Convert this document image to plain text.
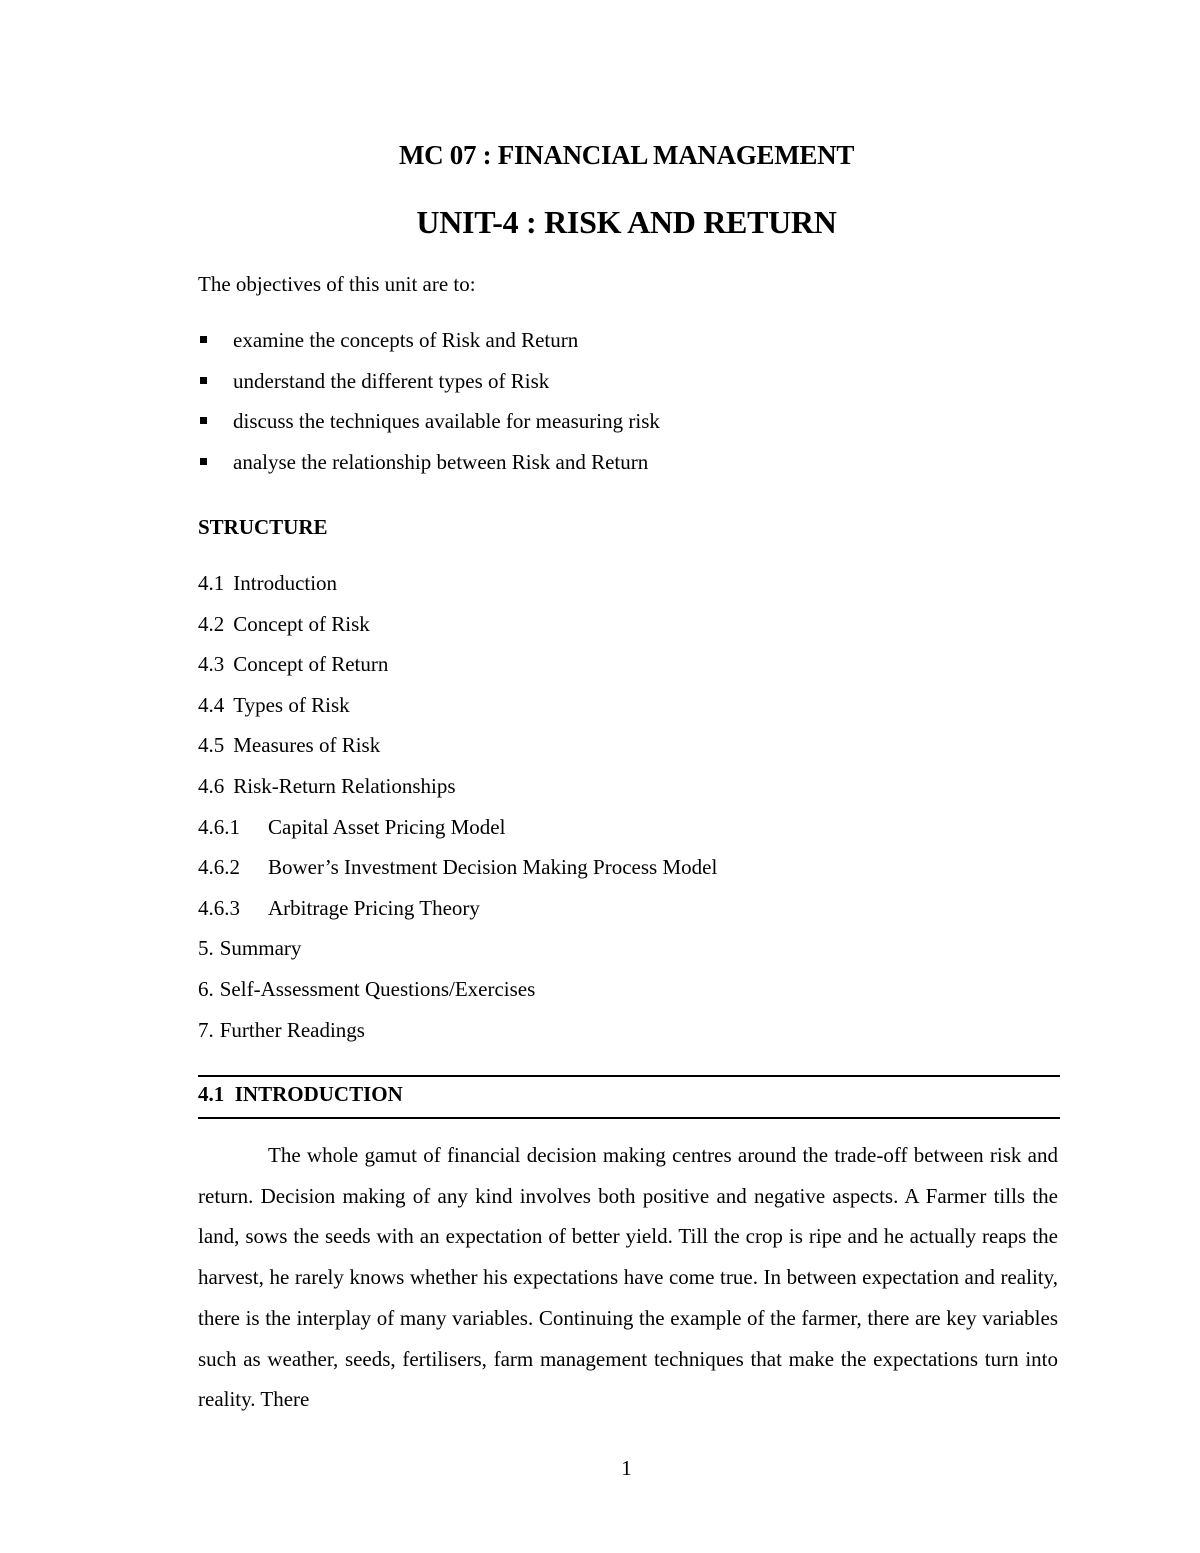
MC 07 : FINANCIAL MANAGEMENT
UNIT-4 : RISK AND RETURN
The objectives of this unit are to:
examine the concepts of Risk and Return
understand the different types of Risk
discuss the techniques available for measuring risk
analyse the relationship between Risk and Return
STRUCTURE
4.1 Introduction
4.2 Concept of Risk
4.3 Concept of Return
4.4 Types of Risk
4.5 Measures of Risk
4.6 Risk-Return Relationships
4.6.1 Capital Asset Pricing Model
4.6.2 Bower’s Investment Decision Making Process Model
4.6.3 Arbitrage Pricing Theory
5. Summary
6. Self-Assessment Questions/Exercises
7. Further Readings
4.1  INTRODUCTION

The whole gamut of financial decision making centres around the trade-off between risk and return. Decision making of any kind involves both positive and negative aspects. A Farmer tills the land, sows the seeds with an expectation of better yield. Till the crop is ripe and he actually reaps the harvest, he rarely knows whether his expectations have come true. In between expectation and reality, there is the interplay of many variables. Continuing the example of the farmer, there are key variables such as weather, seeds, fertilisers, farm management techniques that make the expectations turn into reality. There

1
